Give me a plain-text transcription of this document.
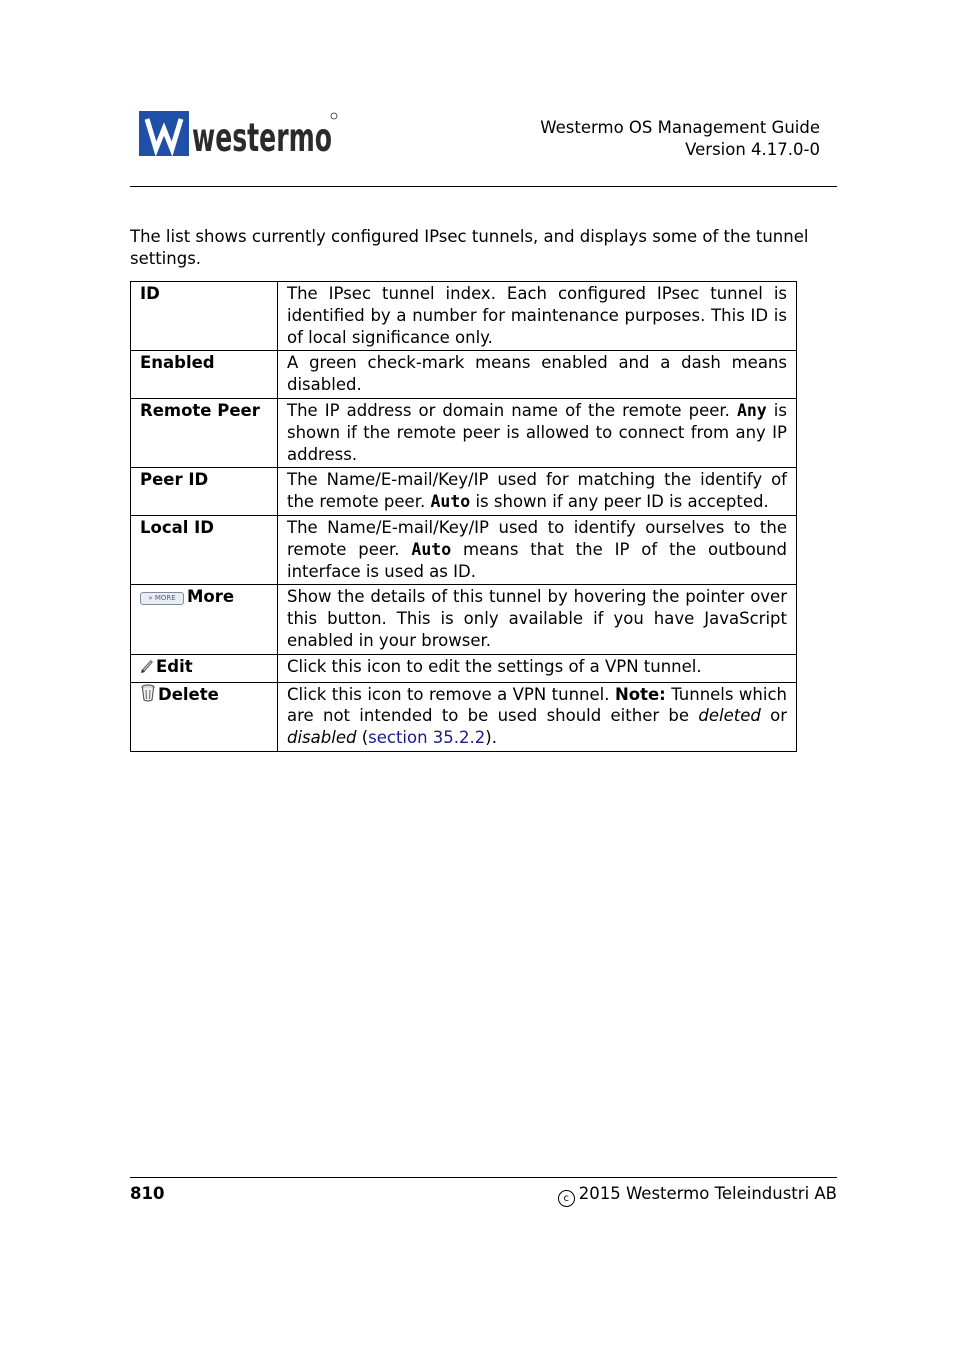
westermo	Westermo OS Management Guide
Version 4.17.0-0
The list shows currently configured IPsec tunnels, and displays some of the tunnel settings.
ID	The IPsec tunnel index. Each configured IPsec tunnel is identified by a number for maintenance purposes. This ID is of local significance only.
Enabled	A green check-mark means enabled and a dash means disabled.
Remote Peer	The IP address or domain name of the remote peer. Any is shown if the remote peer is allowed to connect from any IP address.
Peer ID	The Name/E-mail/Key/IP used for matching the identify of the remote peer. Auto is shown if any peer ID is accepted.
Local ID	The Name/E-mail/Key/IP used to identify ourselves to the remote peer. Auto means that the IP of the outbound interface is used as ID.
» MORE More	Show the details of this tunnel by hovering the pointer over this button. This is only available if you have JavaScript enabled in your browser.
Edit	Click this icon to edit the settings of a VPN tunnel.
Delete	Click this icon to remove a VPN tunnel. Note: Tunnels which are not intended to be used should either be deleted or disabled (section 35.2.2).
810	c 2015 Westermo Teleindustri AB
